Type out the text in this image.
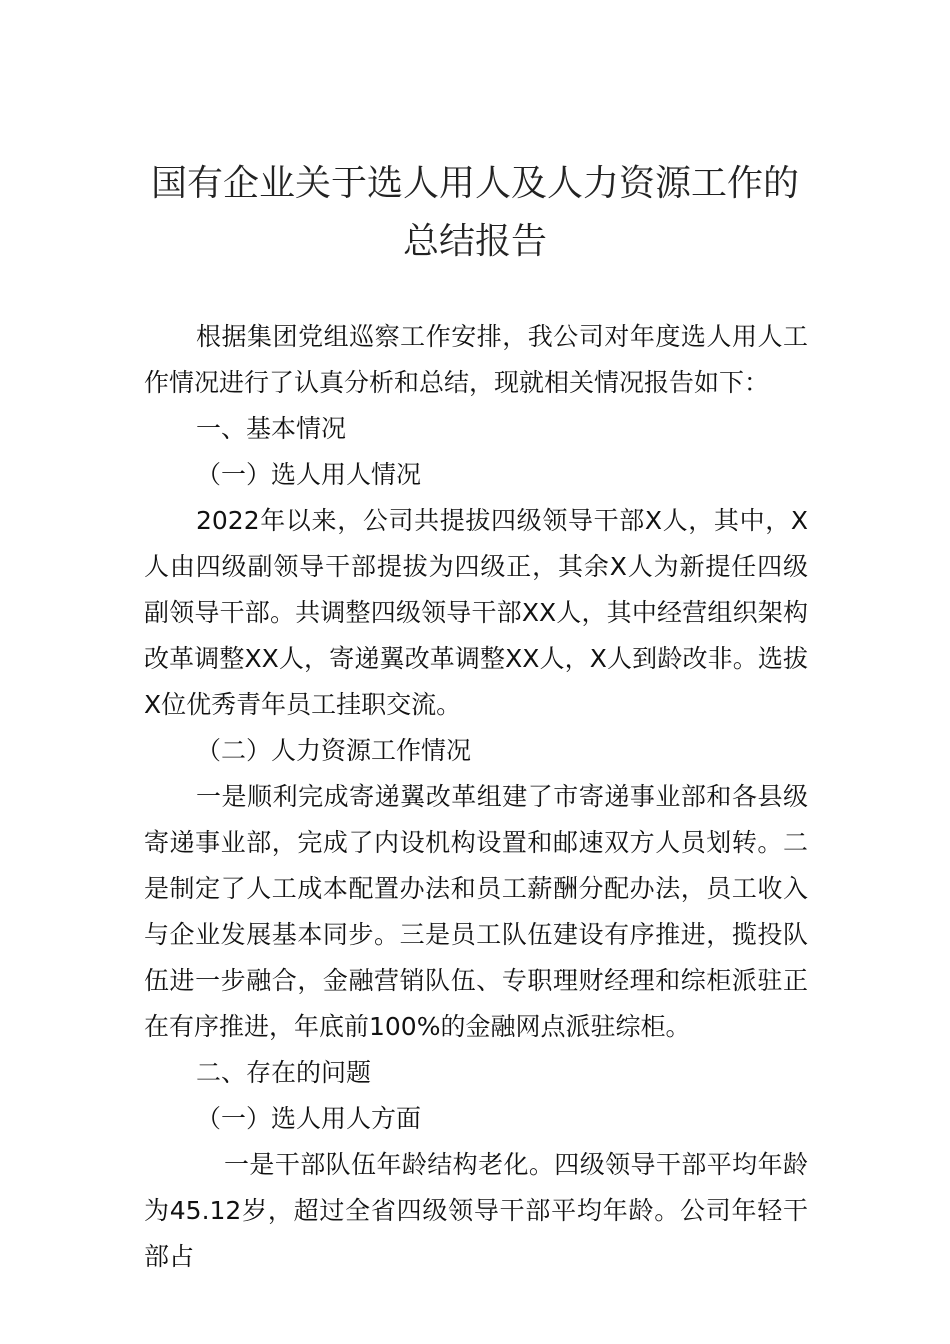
国有企业关于选人用人及人力资源工作的
总结报告

根据集团党组巡察工作安排，我公司对年度选人用人工作情况进行了认真分析和总结，现就相关情况报告如下：

一、基本情况

（一）选人用人情况

2022年以来，公司共提拔四级领导干部X人，其中，X人由四级副领导干部提拔为四级正，其余X人为新提任四级副领导干部。共调整四级领导干部XX人，其中经营组织架构改革调整XX人，寄递翼改革调整XX人，X人到龄改非。选拔X位优秀青年员工挂职交流。

（二）人力资源工作情况

一是顺利完成寄递翼改革组建了市寄递事业部和各县级寄递事业部，完成了内设机构设置和邮速双方人员划转。二是制定了人工成本配置办法和员工薪酬分配办法，员工收入与企业发展基本同步。三是员工队伍建设有序推进，揽投队伍进一步融合，金融营销队伍、专职理财经理和综柜派驻正在有序推进，年底前100%的金融网点派驻综柜。

二、存在的问题

（一）选人用人方面

一是干部队伍年龄结构老化。四级领导干部平均年龄为45.12岁，超过全省四级领导干部平均年龄。公司年轻干部占
